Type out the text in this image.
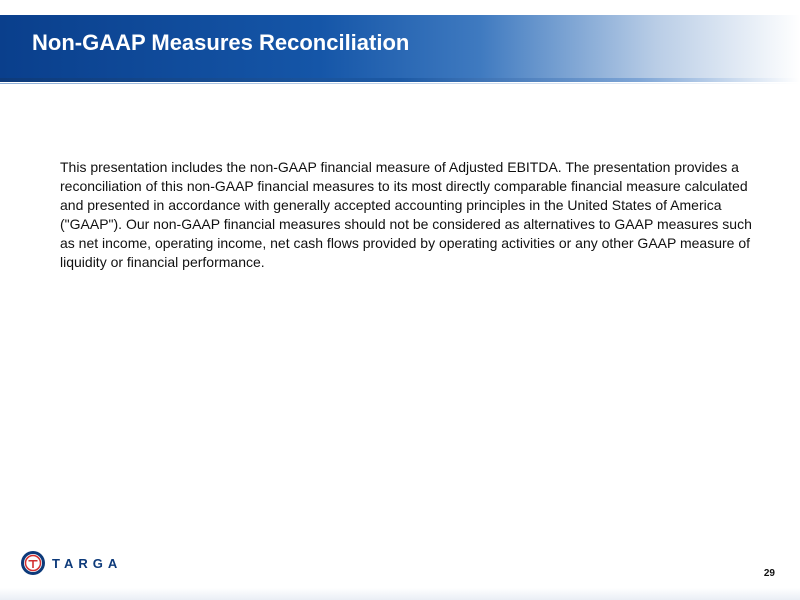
Non-GAAP Measures Reconciliation

This presentation includes the non-GAAP financial measure of Adjusted EBITDA. The presentation provides a reconciliation of this non-GAAP financial measures to its most directly comparable financial measure calculated and presented in accordance with generally accepted accounting principles in the United States of America ("GAAP"). Our non-GAAP financial measures should not be considered as alternatives to GAAP measures such as net income, operating income, net cash flows provided by operating activities or any other GAAP measure of liquidity or financial performance.

TARGA
29
